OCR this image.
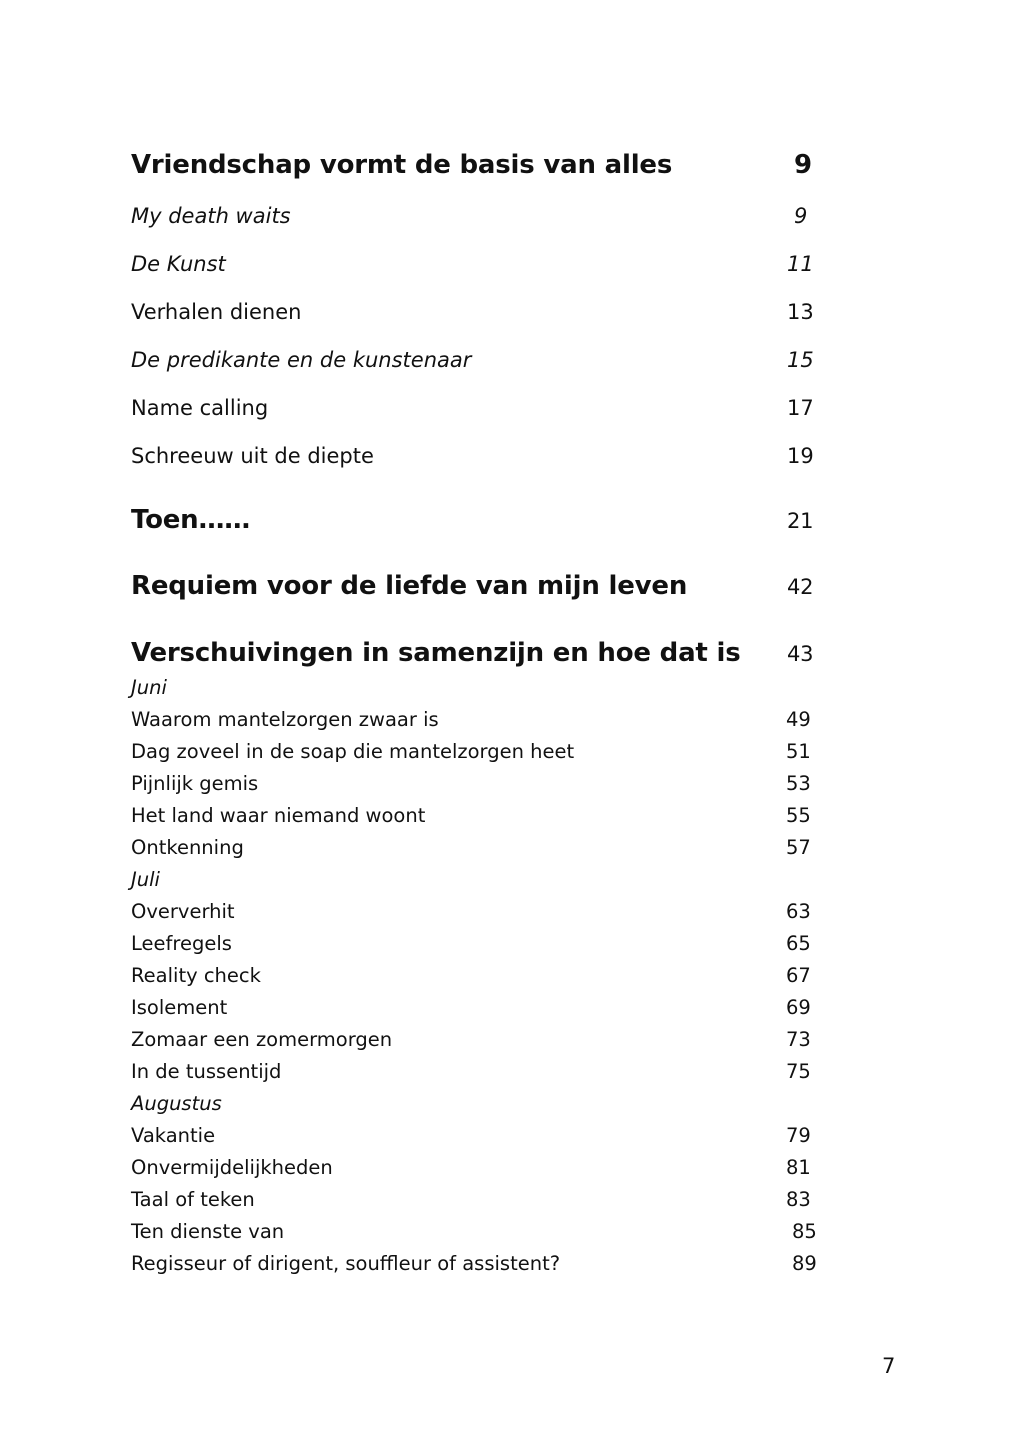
Vriendschap vormt de basis van alles	9
My death waits	9
De Kunst	11
Verhalen dienen	13
De predikante en de kunstenaar	15
Name calling	17
Schreeuw uit de diepte	19
Toen……	21
Requiem voor de liefde van mijn leven	42
Verschuivingen in samenzijn en hoe dat is 43
Juni
Waarom mantelzorgen zwaar is	49
Dag zoveel in de soap die mantelzorgen heet	51
Pijnlijk gemis	53
Het land waar niemand woont	55
Ontkenning	57
Juli
Oververhit	63
Leefregels	65
Reality check	67
Isolement	69
Zomaar een zomermorgen	73
In de tussentijd	75
Augustus
Vakantie	79
Onvermijdelijkheden	81
Taal of teken	83
Ten dienste van	85
Regisseur of dirigent, souffleur of assistent?	89
7
